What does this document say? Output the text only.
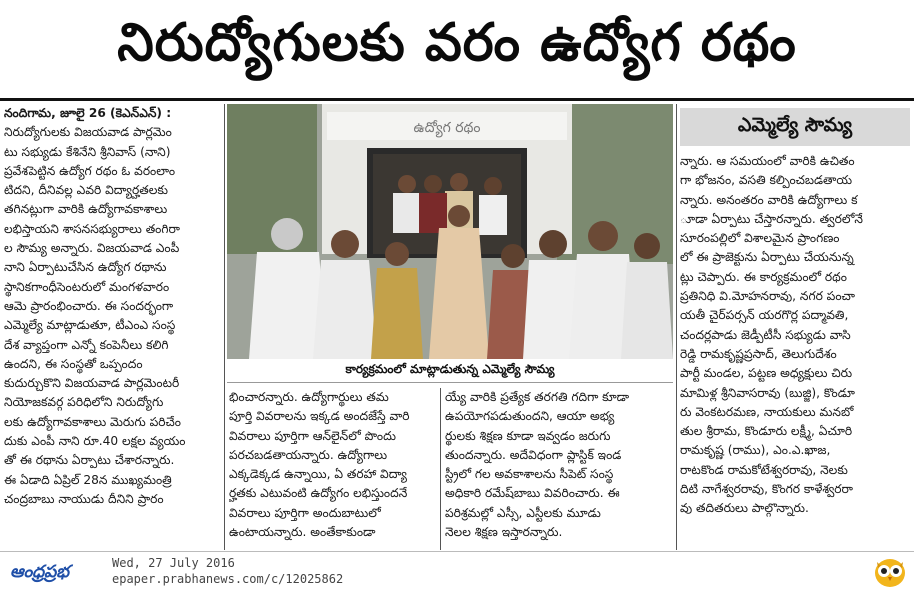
నిరుద్యోగులకు వరం ఉద్యోగ రథం

నందిగామ, జూలై 26 (కెఎన్ఎన్) :

నిరుద్యోగులకు విజయవాడ పార్లమెం

టు సభ్యుడు కేశినేని శ్రీనివాస్ (నాని)

ప్రవేశపెట్టిన ఉద్యోగ రథం ఓ వరంలాం

టిదని, దీనివల్ల ఎవరి విద్యార్హతలకు

తగినట్లుగా వారికి ఉద్యోగావకాశాలు

లభిస్తాయని శాసనసభ్యురాలు తంగిరా

ల సౌమ్య అన్నారు. విజయవాడ ఎంపీ

నాని ఏర్పాటుచేసిన ఉద్యోగ రథాను

స్థానికగాంధీసెంటరులో మంగళవారం

ఆమె ప్రారంభించారు. ఈ సందర్భంగా

ఎమ్మెల్యే మాట్లాడుతూ, టీఎంఎ సంస్థ

దేశ వ్యాప్తంగా ఎన్నో కంపెనీలు కలిగి

ఉందని, ఈ సంస్థతో ఒప్పందం

కుదుర్చుకొని విజయవాడ పార్లమెంటరీ

నియోజకవర్గ పరిధిలోని నిరుద్యోగు

లకు ఉద్యోగావకాశాలు మెరుగు పరిచేం

దుకు ఎంపీ నాని రూ.40 లక్షల వ్యయం

తో ఈ రథాను ఏర్పాటు చేశారన్నారు.

ఈ ఏడాది ఏప్రిల్ 28న ముఖ్యమంత్రి

చంద్రబాబు నాయుడు దీనిని ప్రారం

ఉద్యోగ రథం
కార్యక్రమంలో మాట్లాడుతున్న ఎమ్మెల్యే సౌమ్య

భించారన్నారు. ఉద్యోగార్థులు తమ

పూర్తి వివరాలను ఇక్కడ అందజేస్తే వారి

వివరాలు పూర్తిగా ఆన్‌లైన్‌లో పొందు

పరచబడతాయన్నారు. ఉద్యోగాలు

ఎక్కడెక్కడ ఉన్నాయి, ఏ తరహా విద్యా

ర్హతకు ఎటువంటి ఉద్యోగం లభిస్తుందనే

వివరాలు పూర్తిగా అందుబాటులో

ఉంటాయన్నారు. అంతేకాకుండా

య్యే వారికి ప్రత్యేక తరగతి గదిగా కూడా

ఉపయోగపడుతుందని, ఆయా అభ్య

ర్థులకు శిక్షణ కూడా ఇవ్వడం జరుగు

తుందన్నారు. అదేవిధంగా ప్లాస్టిక్ ఇండ

స్ట్రీలో గల అవకాశాలను సీపెట్ సంస్థ

అధికారి రమేష్‌బాబు వివరించారు. ఈ

పరిశ్రమల్లో ఎస్సీ, ఎస్టీలకు మూడు

నెలల శిక్షణ ఇస్తారన్నారు.

ఎమ్మెల్యే సౌమ్య

న్నారు. ఆ సమయంలో వారికి ఉచితం

గా భోజనం, వసతి కల్పించబడతాయ

న్నారు. అనంతరం వారికి ఉద్యోగాలు క

ూడా ఏర్పాటు చేస్తారన్నారు. త్వరలోనే

సూరంపల్లిలో విశాలమైన ప్రాంగణం

లో ఈ ప్రాజెక్టును ఏర్పాటు చేయనున్న

ట్లు చెప్పారు. ఈ కార్యక్రమంలో రథం

ప్రతినిధి వి.మోహనరావు, నగర పంచా

యతీ చైర్‌పర్సన్ యరగొర్ల పద్మావతి,

చందర్లపాడు జెడ్పీటీసీ సభ్యుడు వాసి

రెడ్డి రామకృష్ణప్రసాద్, తెలుగుదేశం

పార్టీ మండల, పట్టణ అధ్యక్షులు చిరు

మామిళ్ల శ్రీనివాసరావు (బుజ్జి), కొండూ

రు వెంకటరమణ, నాయకులు మనబో

తుల శ్రీరామ, కొండూరు లక్ష్మీ, ఏచూరి

రామకృష్ణ (రాము), ఎం.ఎ.ఖాజ,

రాటకొండ రామకోటేశ్వరరావు, నెలకు

దిటి నాగేశ్వరరావు, కొంగర కాళేశ్వరరా

వు తదితరులు పాల్గొన్నారు.

ఆంధ్రప్రభ	Wed, 27 July 2016
epaper.prabhanews.com/c/12025862
